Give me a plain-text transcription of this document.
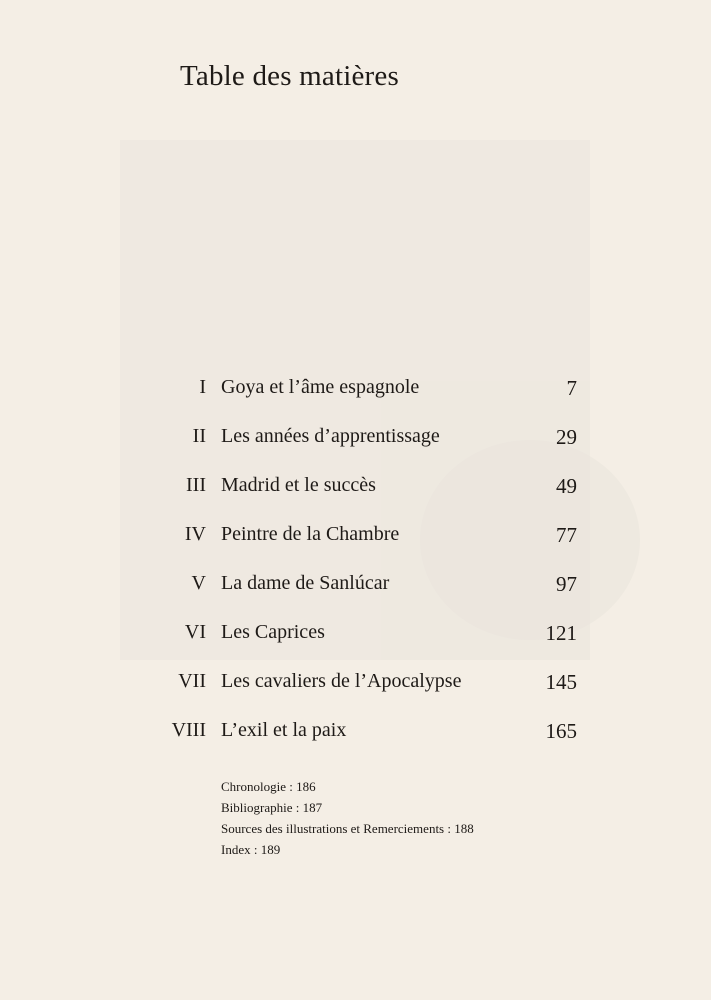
Table des matières
I Goya et l’âme espagnole	7
II Les années d’apprentissage	29
III Madrid et le succès	49
IV Peintre de la Chambre	77
V La dame de Sanlúcar	97
VI Les Caprices	121
VII Les cavaliers de l’Apocalypse	145
VIII L’exil et la paix	165
Chronologie : 186
Bibliographie : 187
Sources des illustrations et Remerciements : 188
Index : 189
